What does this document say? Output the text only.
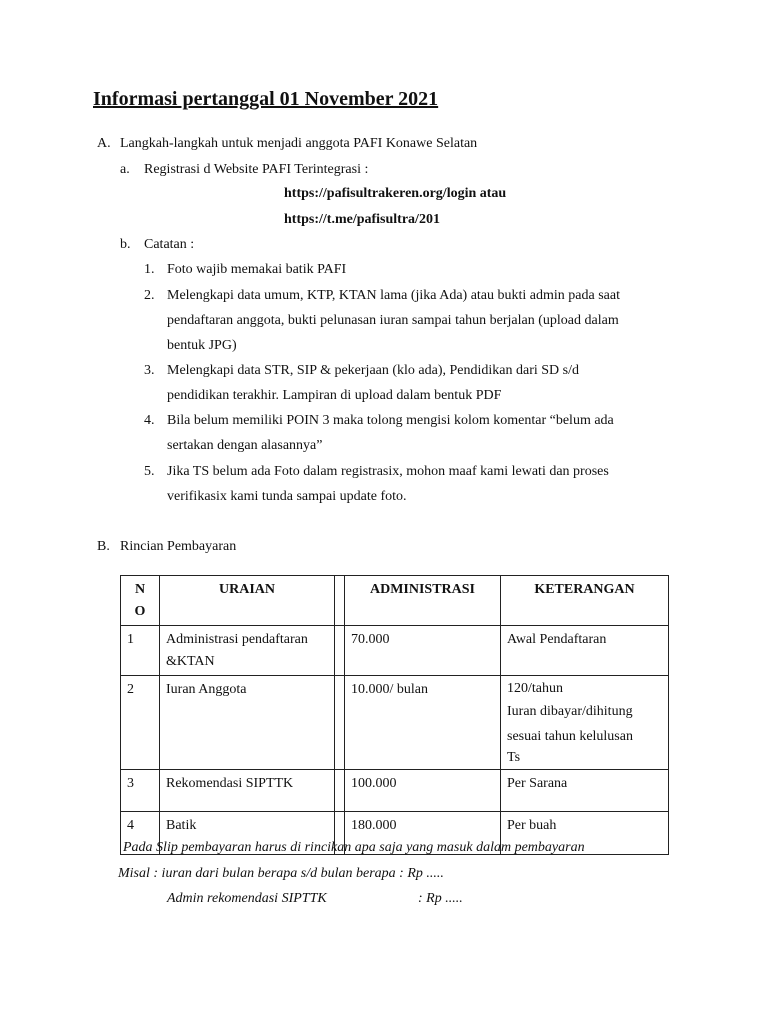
Informasi pertanggal 01 November 2021
A. Langkah-langkah untuk menjadi anggota PAFI Konawe Selatan
a. Registrasi d Website PAFI Terintegrasi :
https://pafisultrakeren.org/login atau
https://t.me/pafisultra/201
b. Catatan :
1. Foto wajib memakai batik PAFI
2. Melengkapi data umum, KTP, KTAN lama (jika Ada) atau bukti admin pada saat
pendaftaran anggota, bukti pelunasan iuran sampai tahun berjalan (upload dalam
bentuk JPG)
3. Melengkapi data STR, SIP & pekerjaan (klo ada), Pendidikan dari SD s/d
pendidikan terakhir. Lampiran di upload dalam bentuk PDF
4. Bila belum memiliki POIN 3 maka tolong mengisi kolom komentar “belum ada
sertakan dengan alasannya”
5. Jika TS belum ada Foto dalam registrasix, mohon maaf kami lewati dan proses
verifikasix kami tunda sampai update foto.
B. Rincian Pembayaran
N
O	URAIAN		ADMINISTRASI	KETERANGAN
1	Administrasi pendaftaran
&KTAN		70.000	Awal Pendaftaran

2	Iuran Anggota		10.000/ bulan	120/tahun
Iuran dibayar/dihitung
sesuai tahun kelulusan
Ts

3	Rekomendasi SIPTTK		100.000	Per Sarana

4	Batik		180.000	Per buah
Pada Slip pembayaran harus di rincikan apa saja yang masuk dalam pembayaran
Misal : iuran dari bulan berapa s/d bulan berapa : Rp .....
Admin rekomendasi SIPTTK	: Rp .....
